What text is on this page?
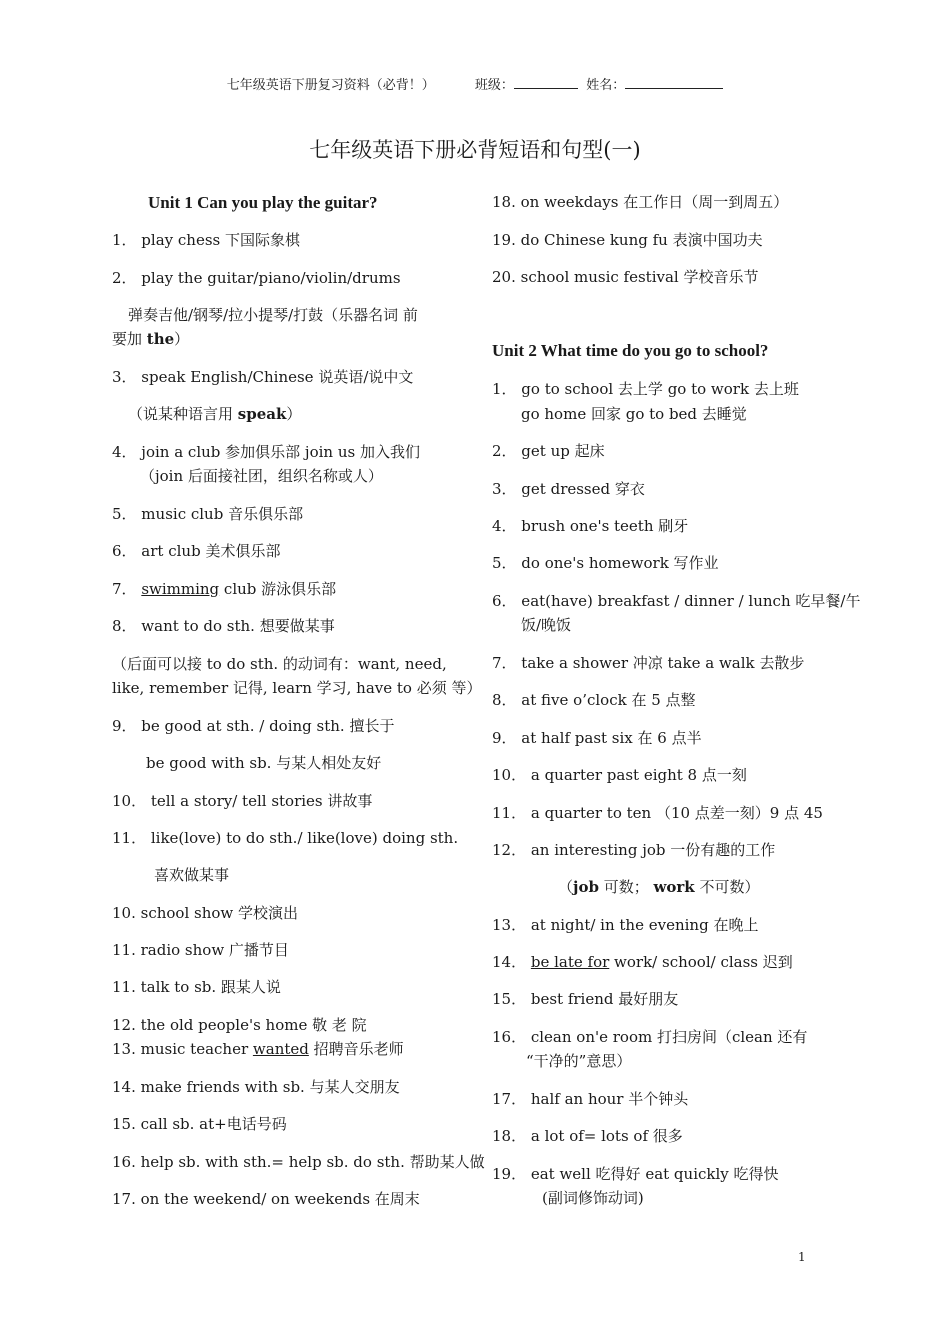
七年级英语下册复习资料（必背！）	班级：	姓名：
七年级英语下册必背短语和句型(一)
Unit 1 Can you play the guitar?
1． play chess 下国际象棋
2． play the guitar/piano/violin/drums
弹奏吉他/钢琴/拉小提琴/打鼓（乐器名词 前
要加 the）
3． speak English/Chinese 说英语/说中文
（说某种语言用 speak）
4． join a club 参加俱乐部 join us 加入我们
（join 后面接社团，组织名称或人）
5． music club 音乐俱乐部
6． art club 美术俱乐部
7． swimming club 游泳俱乐部
8． want to do sth. 想要做某事
（后面可以接 to do sth. 的动词有：want, need,
like, remember 记得, learn 学习, have to 必须 等）
9． be good at sth. / doing sth. 擅长于
be good with sb. 与某人相处友好
10． tell a story/ tell stories 讲故事
11． like(love) to do sth./ like(love) doing sth.
喜欢做某事
10. school show 学校演出
11. radio show 广播节目
11. talk to sb. 跟某人说
12. the old people's home 敬 老 院
13. music teacher wanted 招聘音乐老师
14. make friends with sb. 与某人交朋友
15. call sb. at+电话号码
16. help sb. with sth.= help sb. do sth. 帮助某人做
17. on the weekend/ on weekends 在周末
18. on weekdays 在工作日（周一到周五）
19. do Chinese kung fu 表演中国功夫
20. school music festival 学校音乐节
Unit 2 What time do you go to school?
1． go to school 去上学 go to work 去上班
go home 回家 go to bed 去睡觉
2． get up 起床
3． get dressed 穿衣
4． brush one's teeth 刷牙
5． do one's homework 写作业
6． eat(have) breakfast / dinner / lunch 吃早餐/午
饭/晚饭
7． take a shower 冲凉 take a walk 去散步
8． at five o’clock 在 5 点整
9． at half past six 在 6 点半
10． a quarter past eight 8 点一刻
11． a quarter to ten （10 点差一刻）9 点 45
12． an interesting job 一份有趣的工作
（job 可数； work 不可数）
13． at night/ in the evening 在晚上
14． be late for work/ school/ class 迟到
15． best friend 最好朋友
16． clean on'e room 打扫房间（clean 还有
“干净的”意思）
17． half an hour 半个钟头
18． a lot of= lots of 很多
19． eat well 吃得好 eat quickly 吃得快
(副词修饰动词)
1
